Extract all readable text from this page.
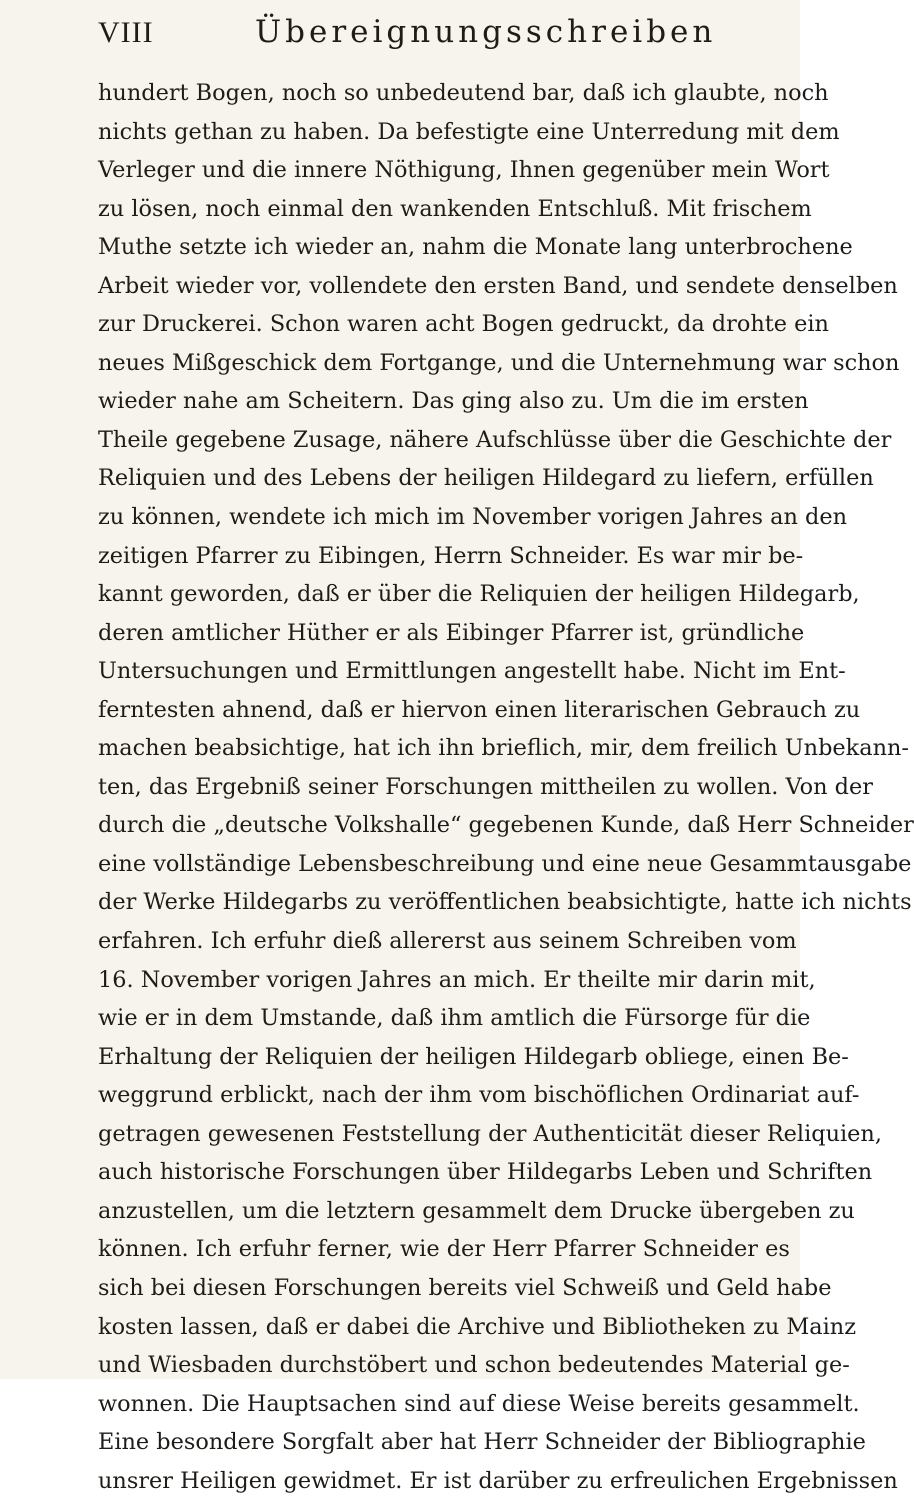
VIII	Übereignungsschreiben
hundert Bogen, noch so unbedeutend bar, daß ich glaubte, noch
nichts gethan zu haben. Da befestigte eine Unterredung mit dem
Verleger und die innere Nöthigung, Ihnen gegenüber mein Wort
zu lösen, noch einmal den wankenden Entschluß. Mit frischem
Muthe setzte ich wieder an, nahm die Monate lang unterbrochene
Arbeit wieder vor, vollendete den ersten Band, und sendete denselben
zur Druckerei. Schon waren acht Bogen gedruckt, da drohte ein
neues Mißgeschick dem Fortgange, und die Unternehmung war schon
wieder nahe am Scheitern. Das ging also zu. Um die im ersten
Theile gegebene Zusage, nähere Aufschlüsse über die Geschichte der
Reliquien und des Lebens der heiligen Hildegard zu liefern, erfüllen
zu können, wendete ich mich im November vorigen Jahres an den
zeitigen Pfarrer zu Eibingen, Herrn Schneider. Es war mir be-
kannt geworden, daß er über die Reliquien der heiligen Hildegarb,
deren amtlicher Hüther er als Eibinger Pfarrer ist, gründliche
Untersuchungen und Ermittlungen angestellt habe. Nicht im Ent-
ferntesten ahnend, daß er hiervon einen literarischen Gebrauch zu
machen beabsichtige, hat ich ihn brieflich, mir, dem freilich Unbekann-
ten, das Ergebniß seiner Forschungen mittheilen zu wollen. Von der
durch die „deutsche Volkshalle“ gegebenen Kunde, daß Herr Schneider
eine vollständige Lebensbeschreibung und eine neue Gesammtausgabe
der Werke Hildegarbs zu veröffentlichen beabsichtigte, hatte ich nichts
erfahren. Ich erfuhr dieß allererst aus seinem Schreiben vom
16. November vorigen Jahres an mich. Er theilte mir darin mit,
wie er in dem Umstande, daß ihm amtlich die Fürsorge für die
Erhaltung der Reliquien der heiligen Hildegarb obliege, einen Be-
weggrund erblickt, nach der ihm vom bischöflichen Ordinariat auf-
getragen gewesenen Feststellung der Authenticität dieser Reliquien,
auch historische Forschungen über Hildegarbs Leben und Schriften
anzustellen, um die letztern gesammelt dem Drucke übergeben zu
können. Ich erfuhr ferner, wie der Herr Pfarrer Schneider es
sich bei diesen Forschungen bereits viel Schweiß und Geld habe
kosten lassen, daß er dabei die Archive und Bibliotheken zu Mainz
und Wiesbaden durchstöbert und schon bedeutendes Material ge-
wonnen. Die Hauptsachen sind auf diese Weise bereits gesammelt.
Eine besondere Sorgfalt aber hat Herr Schneider der Bibliographie
unsrer Heiligen gewidmet. Er ist darüber zu erfreulichen Ergebnissen
